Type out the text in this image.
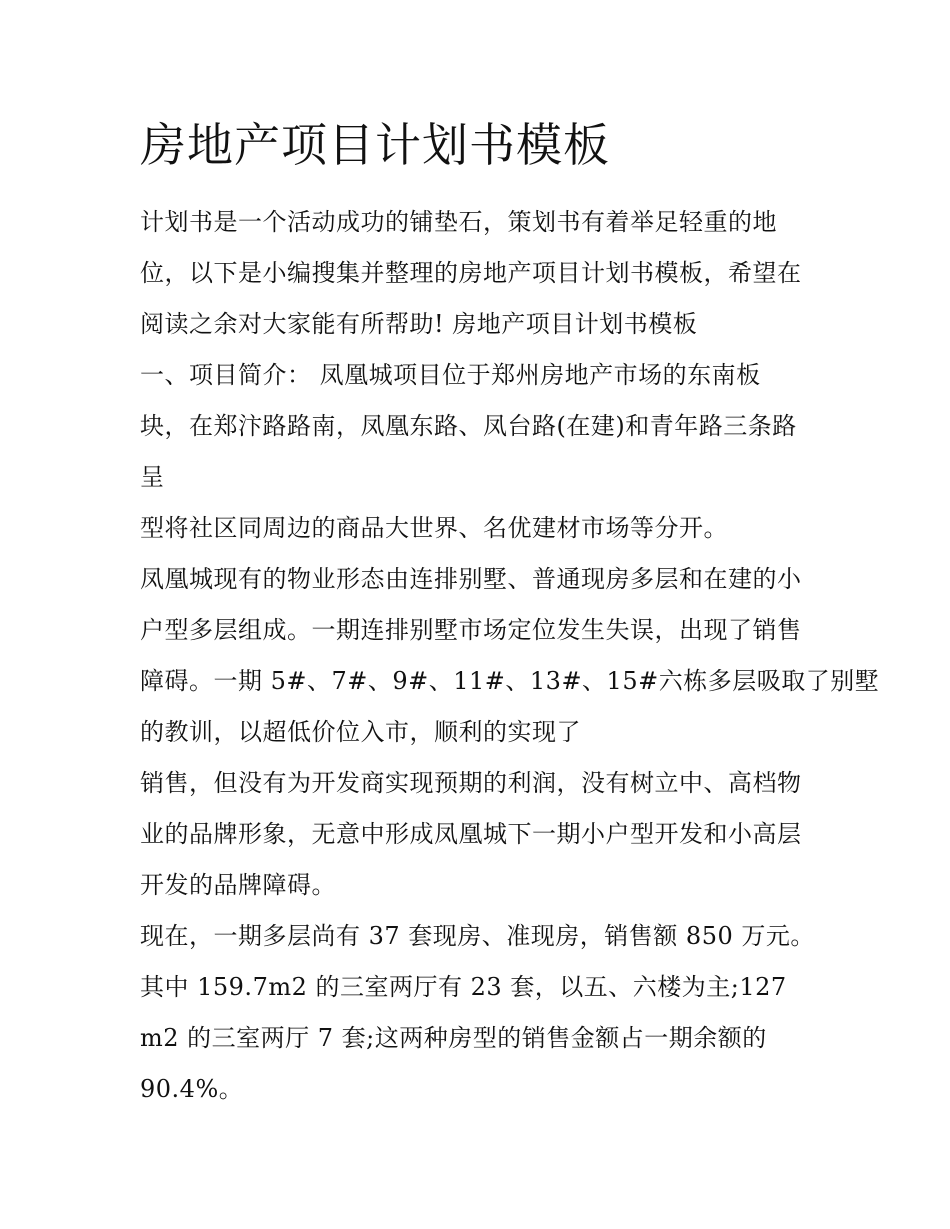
房地产项目计划书模板
计划书是一个活动成功的铺垫石，策划书有着举足轻重的地
位，以下是小编搜集并整理的房地产项目计划书模板，希望在
阅读之余对大家能有所帮助! 房地产项目计划书模板
一、项目简介： 凤凰城项目位于郑州房地产市场的东南板
块，在郑汴路路南，凤凰东路、凤台路(在建)和青年路三条路
呈
型将社区同周边的商品大世界、名优建材市场等分开。
凤凰城现有的物业形态由连排别墅、普通现房多层和在建的小
户型多层组成。一期连排别墅市场定位发生失误，出现了销售
障碍。一期 5#、7#、9#、11#、13#、15#六栋多层吸取了别墅
的教训，以超低价位入市，顺利的实现了
销售，但没有为开发商实现预期的利润，没有树立中、高档物
业的品牌形象，无意中形成凤凰城下一期小户型开发和小高层
开发的品牌障碍。
现在，一期多层尚有 37 套现房、准现房，销售额 850 万元。
其中 159.7m2 的三室两厅有 23 套，以五、六楼为主;127
m2 的三室两厅 7 套;这两种房型的销售金额占一期余额的
90.4%。
